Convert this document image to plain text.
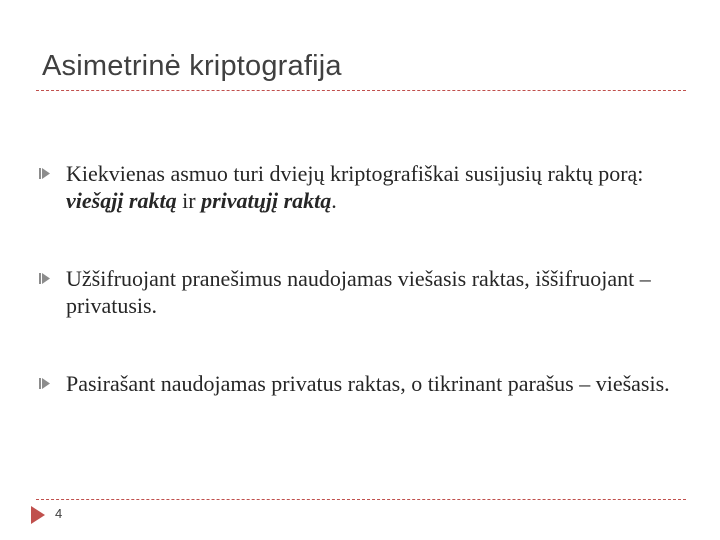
Asimetrinė kriptografija
Kiekvienas asmuo turi dviejų kriptografiškai susijusių raktų porą: viešąjį raktą ir privatųjį raktą.
Užšifruojant pranešimus naudojamas viešasis raktas, iššifruojant – privatusis.
Pasirašant naudojamas privatus raktas, o tikrinant parašus – viešasis.
4
